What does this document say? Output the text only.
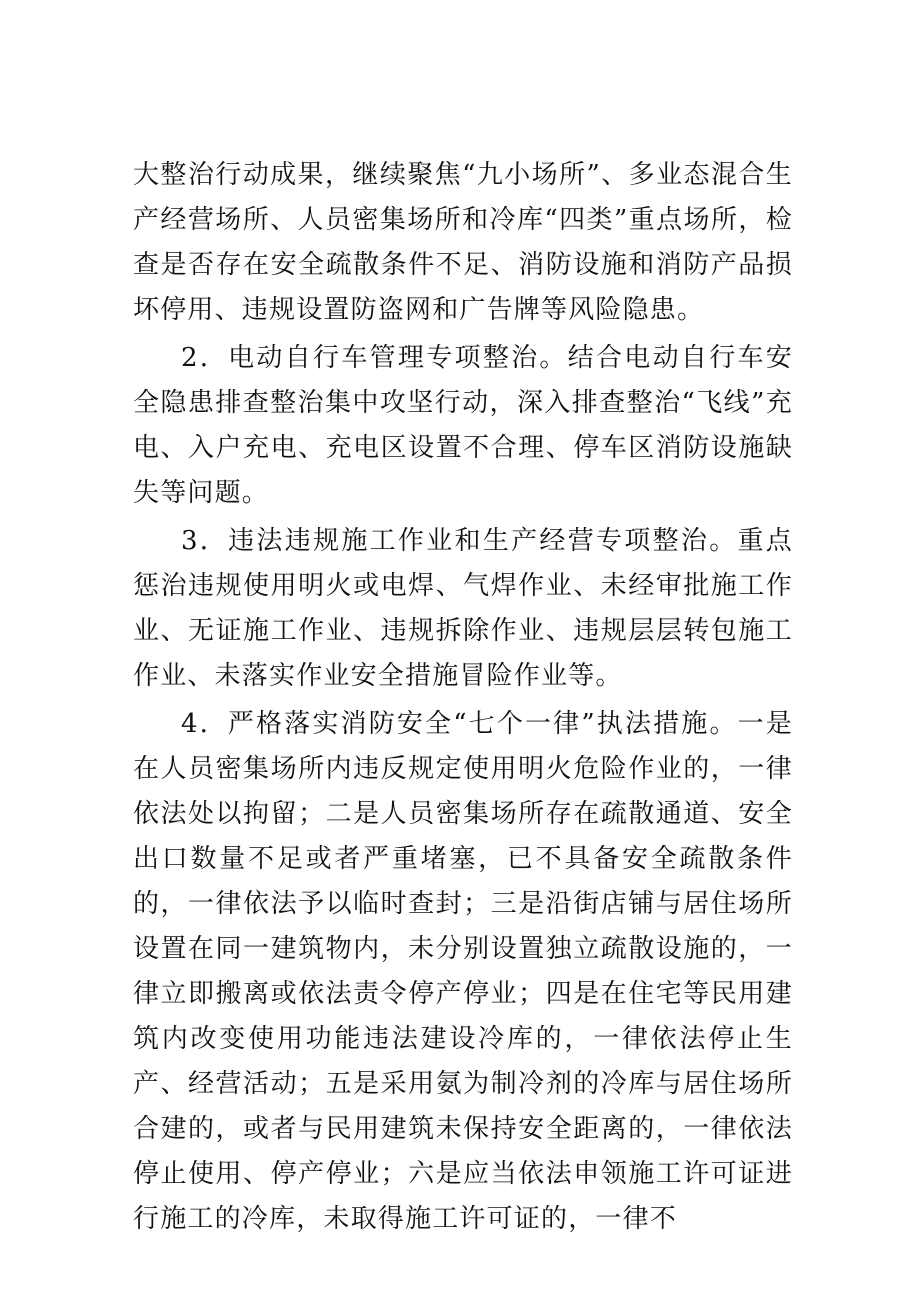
大整治行动成果，继续聚焦“九小场所”、多业态混合生产经营场所、人员密集场所和冷库“四类”重点场所，检查是否存在安全疏散条件不足、消防设施和消防产品损坏停用、违规设置防盗网和广告牌等风险隐患。

2．电动自行车管理专项整治。结合电动自行车安全隐患排查整治集中攻坚行动，深入排查整治“飞线”充电、入户充电、充电区设置不合理、停车区消防设施缺失等问题。

3．违法违规施工作业和生产经营专项整治。重点惩治违规使用明火或电焊、气焊作业、未经审批施工作业、无证施工作业、违规拆除作业、违规层层转包施工作业、未落实作业安全措施冒险作业等。

4．严格落实消防安全“七个一律”执法措施。一是在人员密集场所内违反规定使用明火危险作业的，一律依法处以拘留；二是人员密集场所存在疏散通道、安全出口数量不足或者严重堵塞，已不具备安全疏散条件的，一律依法予以临时查封；三是沿街店铺与居住场所设置在同一建筑物内，未分别设置独立疏散设施的，一律立即搬离或依法责令停产停业；四是在住宅等民用建筑内改变使用功能违法建设冷库的，一律依法停止生产、经营活动；五是采用氨为制冷剂的冷库与居住场所合建的，或者与民用建筑未保持安全距离的，一律依法停止使用、停产停业；六是应当依法申领施工许可证进行施工的冷库，未取得施工许可证的，一律不
